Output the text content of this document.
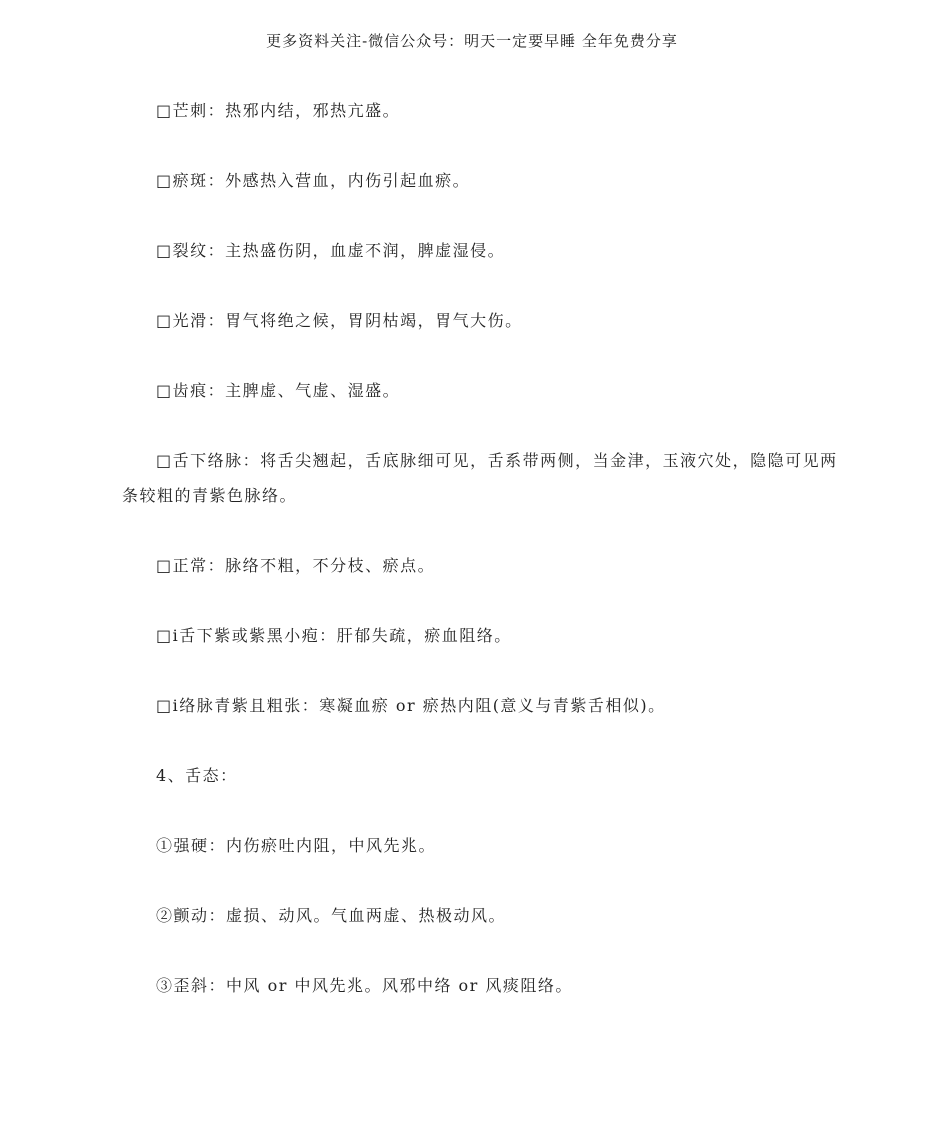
更多资料关注-微信公众号：明天一定要早睡 全年免费分享

□芒刺：热邪内结，邪热亢盛。

□瘀斑：外感热入营血，内伤引起血瘀。

□裂纹：主热盛伤阴，血虚不润，脾虚湿侵。

□光滑：胃气将绝之候，胃阴枯竭，胃气大伤。

□齿痕：主脾虚、气虚、湿盛。

□舌下络脉：将舌尖翘起，舌底脉细可见，舌系带两侧，当金津，玉液穴处，隐隐可见两条较粗的青紫色脉络。

□正常：脉络不粗，不分枝、瘀点。

□i舌下紫或紫黑小疱：肝郁失疏，瘀血阻络。

□i络脉青紫且粗张：寒凝血瘀 or 瘀热内阻(意义与青紫舌相似)。

4、舌态：

①强硬：内伤瘀吐内阻，中风先兆。

②颤动：虚损、动风。气血两虚、热极动风。

③歪斜：中风 or 中风先兆。风邪中络 or 风痰阻络。
